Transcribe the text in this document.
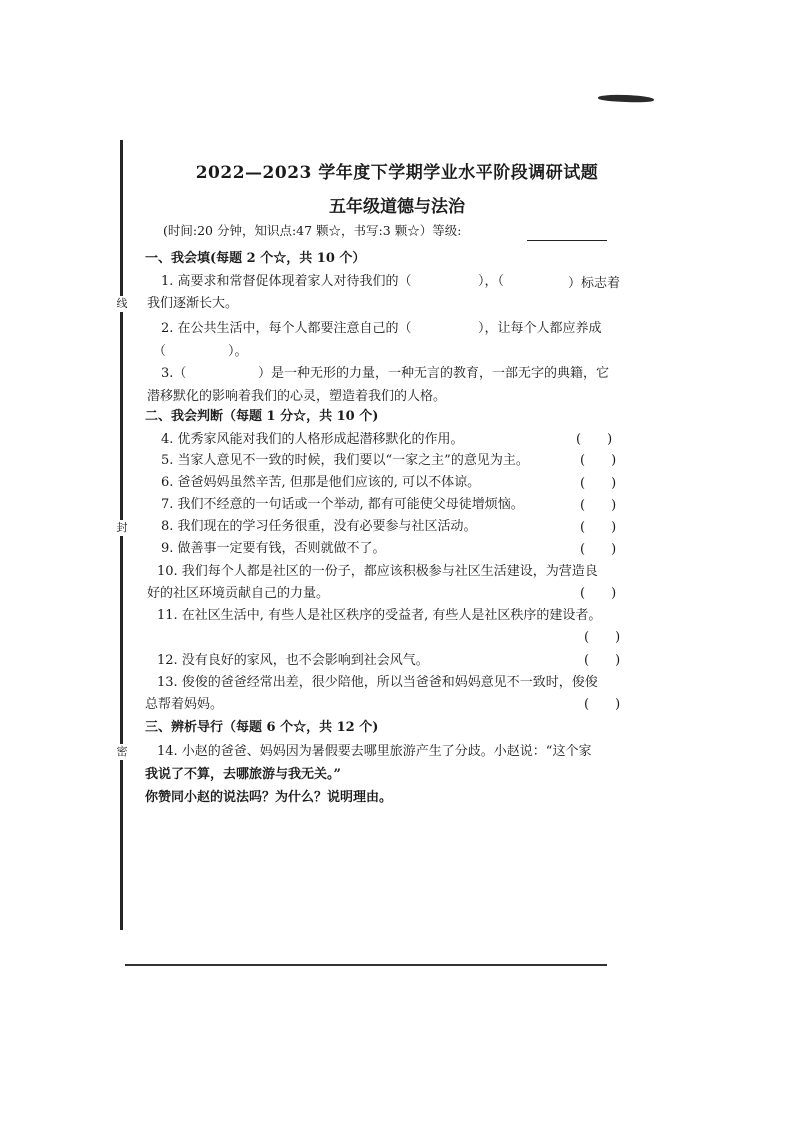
线
封
密
2022—2023 学年度下学期学业水平阶段调研试题
五年级道德与法治
(时间:20 分钟，知识点:47 颗☆，书写:3 颗☆）等级:
一、我会填(每题 2 个☆，共 10 个）
1. 高要求和常督促体现着家人对待我们的（	），（	）标志着
我们逐渐长大。
2. 在公共生活中，每个人都要注意自己的（	），让每个人都应养成
（	）。
3.（	）是一种无形的力量，一种无言的教育，一部无字的典籍，它
潜移默化的影响着我们的心灵，塑造着我们的人格。
二、我会判断（每题 1 分☆，共 10 个)
4. 优秀家风能对我们的人格形成起潜移默化的作用。	(　　)
5. 当家人意见不一致的时候，我们要以“一家之主”的意见为主。	(　　)
6. 爸爸妈妈虽然辛苦, 但那是他们应该的, 可以不体谅。	(　　)
7. 我们不经意的一句话或一个举动, 都有可能使父母徒增烦恼。	(　　)
8. 我们现在的学习任务很重，没有必要参与社区活动。	(　　)
9. 做善事一定要有钱，否则就做不了。	(　　)
10. 我们每个人都是社区的一份子，都应该积极参与社区生活建设，为营造良
好的社区环境贡献自己的力量。	(　　)
11. 在社区生活中, 有些人是社区秩序的受益者, 有些人是社区秩序的建设者。
(　　)
12. 没有良好的家风，也不会影响到社会风气。	(　　)
13. 俊俊的爸爸经常出差，很少陪他，所以当爸爸和妈妈意见不一致时，俊俊
总帮着妈妈。	(　　)
三、辨析导行（每题 6 个☆，共 12 个)
14. 小赵的爸爸、妈妈因为暑假要去哪里旅游产生了分歧。小赵说：“这个家
我说了不算，去哪旅游与我无关。”
你赞同小赵的说法吗？为什么？说明理由。
